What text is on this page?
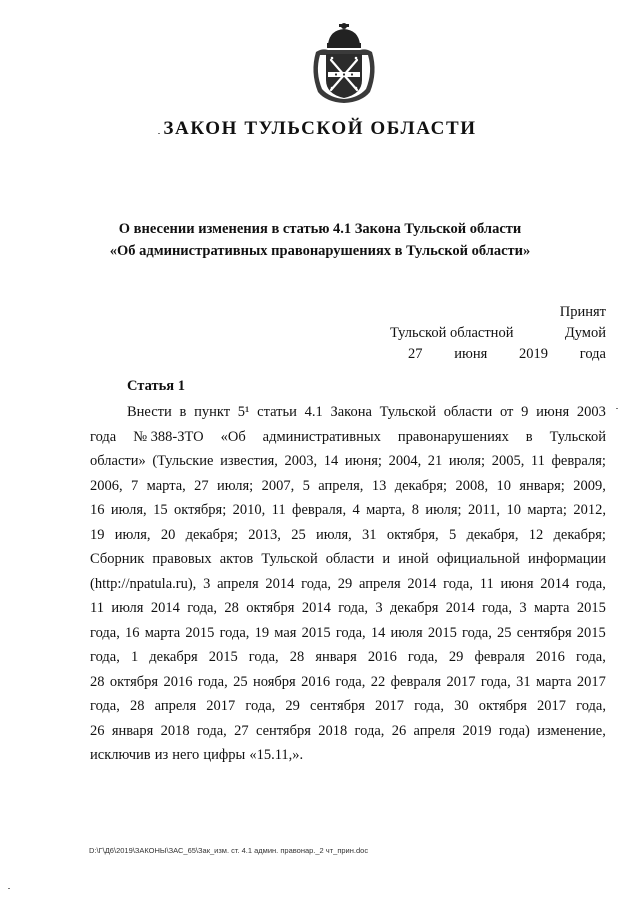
ЗАКОН ТУЛЬСКОЙ ОБЛАСТИ
О внесении изменения в статью 4.1 Закона Тульской области
«Об административных правонарушениях в Тульской области»
Принят
Тульской областной	Думой
27 июня 2019 года
Статья 1
Внести в пункт 5¹ статьи 4.1 Закона Тульской области от 9 июня 2003
года № 388-ЗТО «Об административных правонарушениях в Тульской
области» (Тульские известия, 2003, 14 июня; 2004, 21 июля; 2005, 11 февраля;
2006, 7 марта, 27 июля; 2007, 5 апреля, 13 декабря; 2008, 10 января; 2009,
16 июля, 15 октября; 2010, 11 февраля, 4 марта, 8 июля; 2011, 10 марта; 2012,
19 июля, 20 декабря; 2013, 25 июля, 31 октября, 5 декабря, 12 декабря;
Сборник правовых актов Тульской области и иной официальной информации
(http://npatula.ru), 3 апреля 2014 года, 29 апреля 2014 года, 11 июня 2014 года,
11 июля 2014 года, 28 октября 2014 года, 3 декабря 2014 года, 3 марта 2015
года, 16 марта 2015 года, 19 мая 2015 года, 14 июля 2015 года, 25 сентября 2015
года, 1 декабря 2015 года, 28 января 2016 года, 29 февраля 2016 года,
28 октября 2016 года, 25 ноября 2016 года, 22 февраля 2017 года, 31 марта 2017
года, 28 апреля 2017 года, 29 сентября 2017 года, 30 октября 2017 года,
26 января 2018 года, 27 сентября 2018 года, 26 апреля 2019 года) изменение,
исключив из него цифры «15.11,».
D:\Г\Д6\2019\ЗАКОНЫ\ЗАС_65\Зак_изм. ст. 4.1 админ. правонар._2 чт_прин.doc
